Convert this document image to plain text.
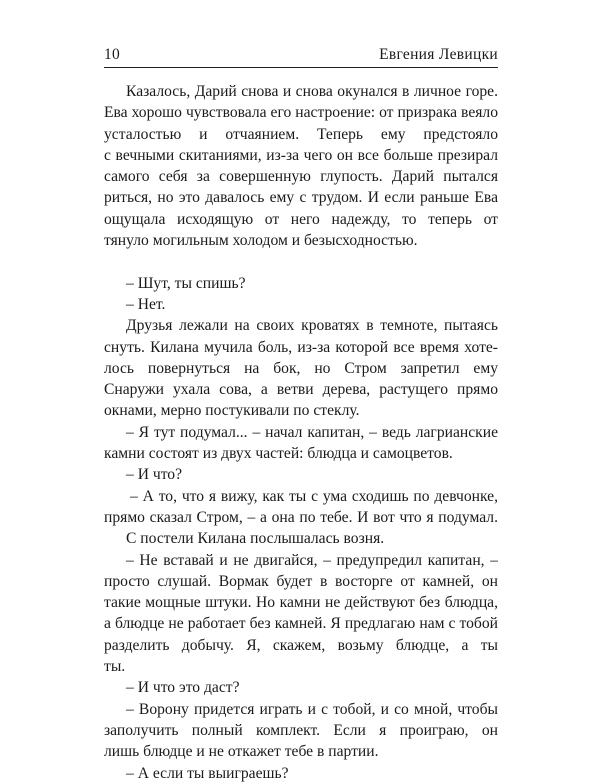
10	Евгения Левицки
Казалось, Дарий снова и снова окунался в личное горе.
Ева хорошо чувствовала его настроение: от призрака веяло
усталостью и отчаянием. Теперь ему предстояло
с вечными скитаниями, из-за чего он все больше презирал
самого себя за совершенную глупость. Дарий пытался
риться, но это давалось ему с трудом. И если раньше Ева
ощущала исходящую от него надежду, то теперь от
тянуло могильным холодом и безысходностью.
– Шут, ты спишь?
– Нет.
Друзья лежали на своих кроватях в темноте, пытаясь
снуть. Килана мучила боль, из-за которой все время хоте-
лось повернуться на бок, но Стром запретил ему
Снаружи ухала сова, а ветви дерева, растущего прямо
окнами, мерно постукивали по стеклу.
– Я тут подумал... – начал капитан, – ведь лагрианские
камни состоят из двух частей: блюдца и самоцветов.
– И что?
– А то, что я вижу, как ты с ума сходишь по девчонке,
прямо сказал Стром, – а она по тебе. И вот что я подумал.
С постели Килана послышалась возня.
– Не вставай и не двигайся, – предупредил капитан, –
просто слушай. Вормак будет в восторге от камней, он
такие мощные штуки. Но камни не действуют без блюдца,
а блюдце не работает без камней. Я предлагаю нам с тобой
разделить добычу. Я, скажем, возьму блюдце, а ты
ты.
– И что это даст?
– Ворону придется играть и с тобой, и со мной, чтобы
заполучить полный комплект. Если я проиграю, он
лишь блюдце и не откажет тебе в партии.
– А если ты выиграешь?
